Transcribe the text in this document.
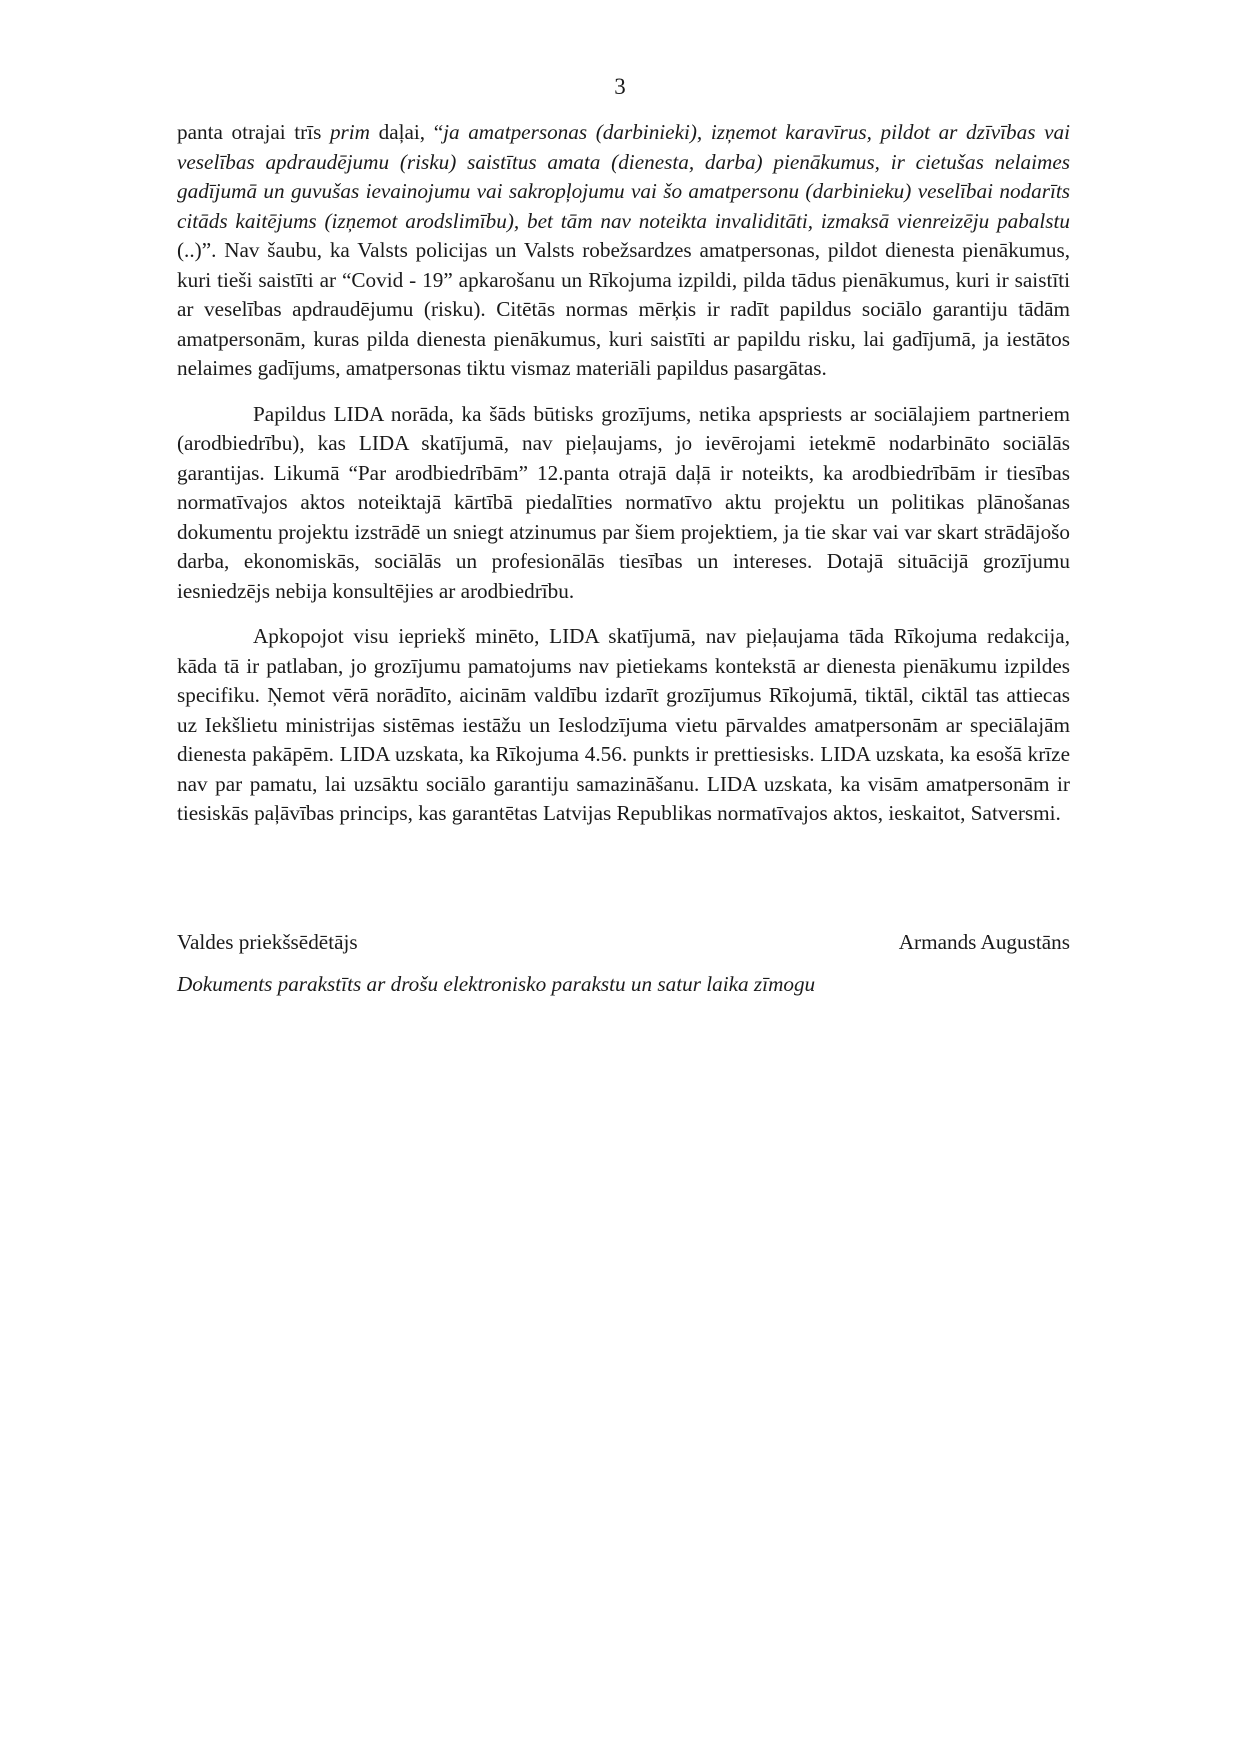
3

panta otrajai trīs prim daļai, “ja amatpersonas (darbinieki), izņemot karavīrus, pildot ar dzīvības vai veselības apdraudējumu (risku) saistītus amata (dienesta, darba) pienākumus, ir cietušas nelaimes gadījumā un guvušas ievainojumu vai sakropļojumu vai šo amatpersonu (darbinieku) veselībai nodarīts citāds kaitējums (izņemot arodslimību), bet tām nav noteikta invaliditāti, izmaksā vienreizēju pabalstu (..)”. Nav šaubu, ka Valsts policijas un Valsts robežsardzes amatpersonas, pildot dienesta pienākumus, kuri tieši saistīti ar “Covid - 19” apkarošanu un Rīkojuma izpildi, pilda tādus pienākumus, kuri ir saistīti ar veselības apdraudējumu (risku). Citētās normas mērķis ir radīt papildus sociālo garantiju tādām amatpersonām, kuras pilda dienesta pienākumus, kuri saistīti ar papildu risku, lai gadījumā, ja iestātos nelaimes gadījums, amatpersonas tiktu vismaz materiāli papildus pasargātas.

Papildus LIDA norāda, ka šāds būtisks grozījums, netika apspriests ar sociālajiem partneriem (arodbiedrību), kas LIDA skatījumā, nav pieļaujams, jo ievērojami ietekmē nodarbināto sociālās garantijas. Likumā “Par arodbiedrībām” 12.panta otrajā daļā ir noteikts, ka arodbiedrībām ir tiesības normatīvajos aktos noteiktajā kārtībā piedalīties normatīvo aktu projektu un politikas plānošanas dokumentu projektu izstrādē un sniegt atzinumus par šiem projektiem, ja tie skar vai var skart strādājošo darba, ekonomiskās, sociālās un profesionālās tiesības un intereses. Dotajā situācijā grozījumu iesniedzējs nebija konsultējies ar arodbiedrību.

Apkopojot visu iepriekš minēto, LIDA skatījumā, nav pieļaujama tāda Rīkojuma redakcija, kāda tā ir patlaban, jo grozījumu pamatojums nav pietiekams kontekstā ar dienesta pienākumu izpildes specifiku. Ņemot vērā norādīto, aicinām valdību izdarīt grozījumus Rīkojumā, tiktāl, ciktāl tas attiecas uz Iekšlietu ministrijas sistēmas iestāžu un Ieslodzījuma vietu pārvaldes amatpersonām ar speciālajām dienesta pakāpēm. LIDA uzskata, ka Rīkojuma 4.56. punkts ir prettiesisks. LIDA uzskata, ka esošā krīze nav par pamatu, lai uzsāktu sociālo garantiju samazināšanu. LIDA uzskata, ka visām amatpersonām ir tiesiskās paļāvības princips, kas garantētas Latvijas Republikas normatīvajos aktos, ieskaitot, Satversmi.

Valdes priekšsēdētājs	Armands Augustāns
Dokuments parakstīts ar drošu elektronisko parakstu un satur laika zīmogu
